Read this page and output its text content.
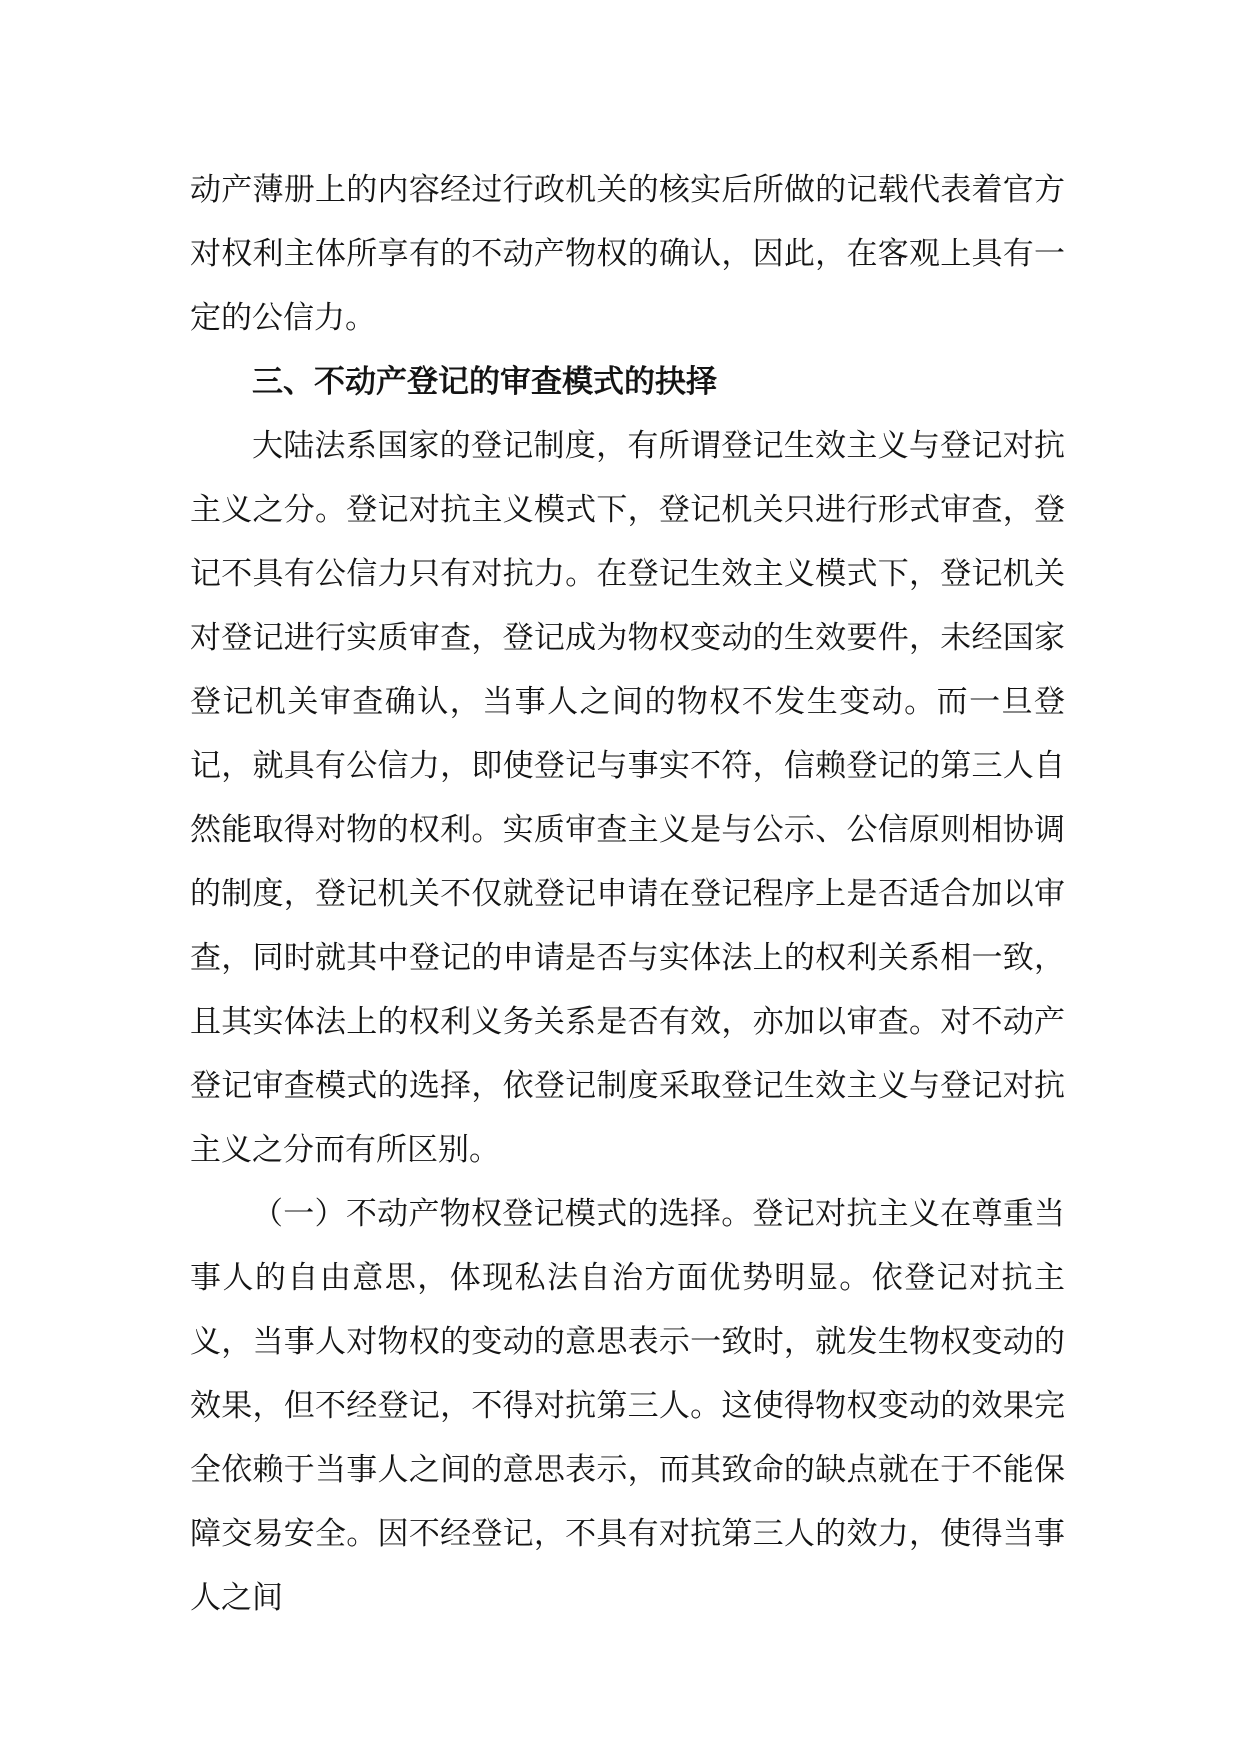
动产薄册上的内容经过行政机关的核实后所做的记载代表着官方对权利主体所享有的不动产物权的确认，因此，在客观上具有一定的公信力。

三、不动产登记的审查模式的抉择

大陆法系国家的登记制度，有所谓登记生效主义与登记对抗主义之分。登记对抗主义模式下，登记机关只进行形式审查，登记不具有公信力只有对抗力。在登记生效主义模式下，登记机关对登记进行实质审查，登记成为物权变动的生效要件，未经国家登记机关审查确认，当事人之间的物权不发生变动。而一旦登记，就具有公信力，即使登记与事实不符，信赖登记的第三人自然能取得对物的权利。实质审查主义是与公示、公信原则相协调的制度，登记机关不仅就登记申请在登记程序上是否适合加以审查，同时就其中登记的申请是否与实体法上的权利关系相一致，且其实体法上的权利义务关系是否有效，亦加以审查。对不动产登记审查模式的选择，依登记制度采取登记生效主义与登记对抗主义之分而有所区别。

（一）不动产物权登记模式的选择。登记对抗主义在尊重当事人的自由意思，体现私法自治方面优势明显。依登记对抗主义，当事人对物权的变动的意思表示一致时，就发生物权变动的效果，但不经登记，不得对抗第三人。这使得物权变动的效果完全依赖于当事人之间的意思表示，而其致命的缺点就在于不能保障交易安全。因不经登记，不具有对抗第三人的效力，使得当事人之间
